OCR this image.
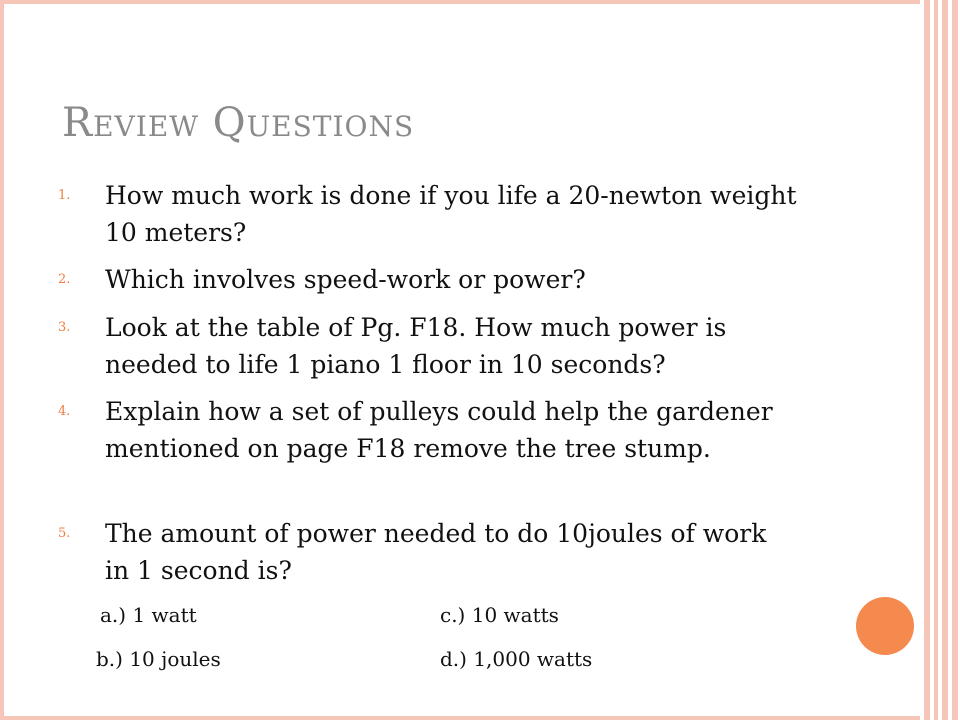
Review Questions
1.	How much work is done if you life a 20-newton weight 10 meters?
2.	Which involves speed-work or power?
3.	Look at the table of Pg. F18. How much power is needed to life 1 piano 1 floor in 10 seconds?
4.	Explain how a set of pulleys could help the gardener mentioned on page F18 remove the tree stump.
5.	The amount of power needed to do 10joules of work in 1 second is?
a.) 1 watt	c.) 10 watts
b.) 10 joules	d.) 1,000 watts
